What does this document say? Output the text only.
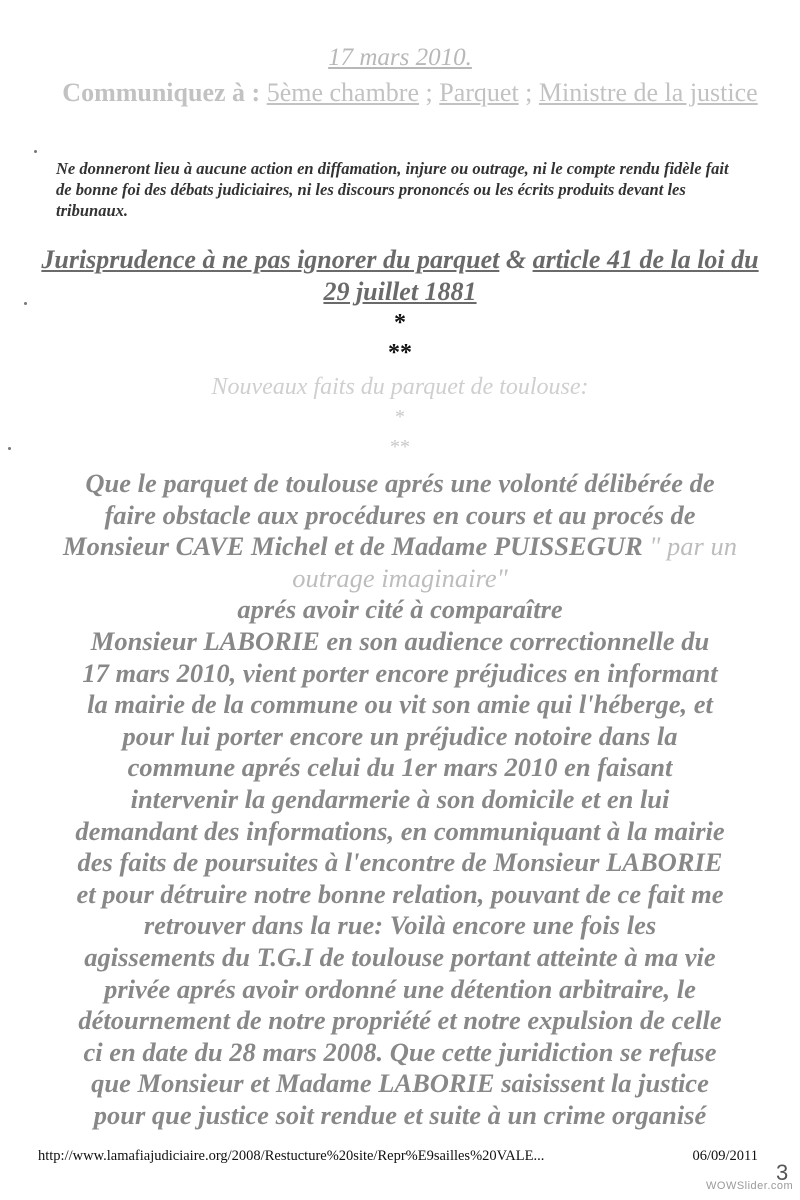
17 mars 2010.
Communiquez à : 5ème chambre ; Parquet ; Ministre de la justice
Ne donneront lieu à aucune action en diffamation, injure ou outrage, ni le compte rendu fidèle fait de bonne foi des débats judiciaires, ni les discours prononcés ou les écrits produits devant les tribunaux.
Jurisprudence à ne pas ignorer du parquet & article 41 de la loi du 29 juillet 1881
*
**
Nouveaux faits du parquet de toulouse:
*
**
Que le parquet de toulouse aprés une volonté délibérée de
faire obstacle aux procédures en cours et au procés de
Monsieur CAVE Michel et de Madame PUISSEGUR " par un outrage imaginaire"
aprés avoir cité à comparaître
Monsieur LABORIE en son audience correctionnelle du
17 mars 2010, vient porter encore préjudices en informant
la mairie de la commune ou vit son amie qui l'héberge, et
pour lui porter encore un préjudice notoire dans la
commune aprés celui du 1er mars 2010 en faisant
intervenir la gendarmerie à son domicile et en lui
demandant des informations, en communiquant à la mairie
des faits de poursuites à l'encontre de Monsieur LABORIE
et pour détruire notre bonne relation, pouvant de ce fait me
retrouver dans la rue: Voilà encore une fois les
agissements du T.G.I de toulouse portant atteinte à ma vie
privée aprés avoir ordonné une détention arbitraire, le
détournement de notre propriété et notre expulsion de celle
ci en date du 28 mars 2008. Que cette juridiction se refuse
que Monsieur et Madame LABORIE saisissent la justice
pour que justice soit rendue et suite à un crime organisé
http://www.lamafiajudiciaire.org/2008/Restucture%20site/Repr%E9sailles%20VALE...	06/09/2011
3
WOWSlider.com
